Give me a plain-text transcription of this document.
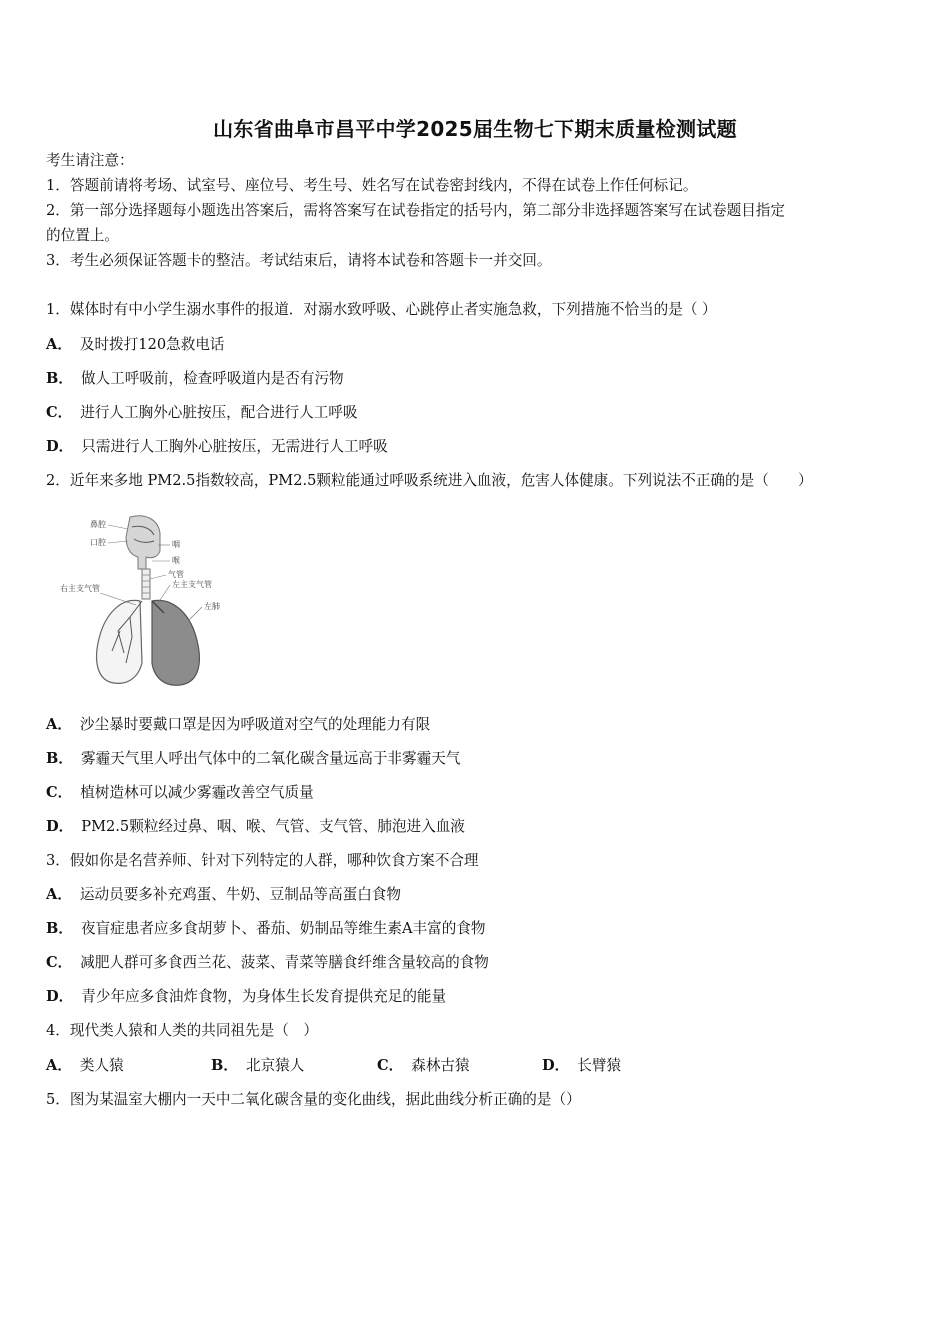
山东省曲阜市昌平中学2025届生物七下期末质量检测试题
考生请注意：
1．答题前请将考场、试室号、座位号、考生号、姓名写在试卷密封线内，不得在试卷上作任何标记。
2．第一部分选择题每小题选出答案后，需将答案写在试卷指定的括号内，第二部分非选择题答案写在试卷题目指定
的位置上。
3．考生必须保证答题卡的整洁。考试结束后，请将本试卷和答题卡一并交回。
1．媒体时有中小学生溺水事件的报道．对溺水致呼吸、心跳停止者实施急救，下列措施不恰当的是（ ）
A． 及时拨打120急救电话
B． 做人工呼吸前，检查呼吸道内是否有污物
C． 进行人工胸外心脏按压，配合进行人工呼吸
D． 只需进行人工胸外心脏按压，无需进行人工呼吸
2．近年来多地 PM2.5指数较高，PM2.5颗粒能通过呼吸系统进入血液，危害人体健康。下列说法不正确的是（　　）
鼻腔
口腔	咽
喉
气管
右主支气管	左主支气管
左肺
A． 沙尘暴时要戴口罩是因为呼吸道对空气的处理能力有限
B． 雾霾天气里人呼出气体中的二氧化碳含量远高于非雾霾天气
C． 植树造林可以减少雾霾改善空气质量
D． PM2.5颗粒经过鼻、咽、喉、气管、支气管、肺泡进入血液
3．假如你是名营养师、针对下列特定的人群，哪种饮食方案不合理
A． 运动员要多补充鸡蛋、牛奶、豆制品等高蛋白食物
B． 夜盲症患者应多食胡萝卜、番茄、奶制品等维生素A丰富的食物
C． 减肥人群可多食西兰花、菠菜、青菜等膳食纤维含量较高的食物
D． 青少年应多食油炸食物，为身体生长发育提供充足的能量
4．现代类人猿和人类的共同祖先是（　）
A． 类人猿	B． 北京猿人	C． 森林古猿	D． 长臂猿
5．图为某温室大棚内一天中二氧化碳含量的变化曲线，据此曲线分析正确的是（）
